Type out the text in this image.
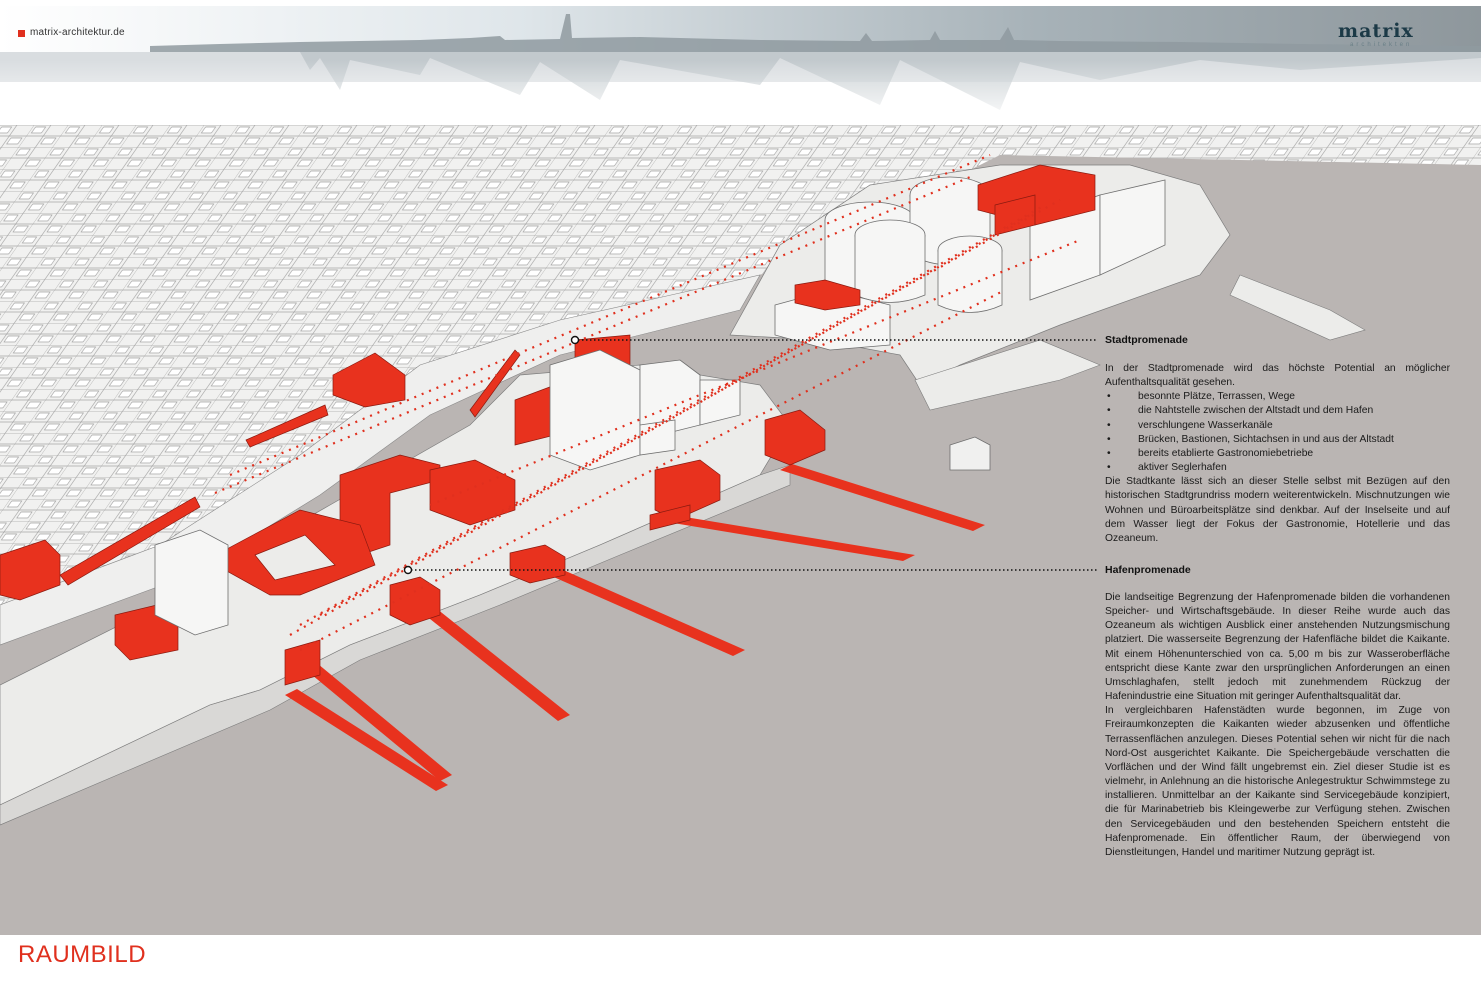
matrix-architektur.de	matrix
architekten
Stadtpromenade
In der Stadtpromenade wird das höchste Potential an möglicher Aufenthaltsqualität gesehen.
• besonnte Plätze, Terrassen, Wege
• die Nahtstelle zwischen der Altstadt und dem Hafen
• verschlungene Wasserkanäle
• Brücken, Bastionen, Sichtachsen in und aus der Altstadt
• bereits etablierte Gastronomiebetriebe
• aktiver Seglerhafen
Die Stadtkante lässt sich an dieser Stelle selbst mit Bezügen auf den historischen Stadtgrundriss modern weiterentwickeln. Mischnutzungen wie Wohnen und Büroarbeitsplätze sind denkbar. Auf der Inselseite und auf dem Wasser liegt der Fokus der Gastronomie, Hotellerie und das Ozeaneum.
Hafenpromenade
Die landseitige Begrenzung der Hafenpromenade bilden die vorhandenen Speicher- und Wirtschaftsgebäude. In dieser Reihe wurde auch das Ozeaneum als wichtigen Ausblick einer anstehenden Nutzungsmischung platziert. Die wasserseite Begrenzung der Hafenfläche bildet die Kaikante. Mit einem Höhenunterschied von ca. 5,00 m bis zur Wasseroberfläche entspricht diese Kante zwar den ursprünglichen Anforderungen an einen Umschlaghafen, stellt jedoch mit zunehmendem Rückzug der Hafenindustrie eine Situation mit geringer Aufenthaltsqualität dar.
In vergleichbaren Hafenstädten wurde begonnen, im Zuge von Freiraumkonzepten die Kaikanten wieder abzusenken und öffentliche Terrassenflächen anzulegen. Dieses Potential sehen wir nicht für die nach Nord-Ost ausgerichtet Kaikante. Die Speichergebäude verschatten die Vorflächen und der Wind fällt ungebremst ein. Ziel dieser Studie ist es vielmehr, in Anlehnung an die historische Anlegestruktur Schwimmstege zu installieren. Unmittelbar an der Kaikante sind Servicegebäude konzipiert, die für Marinabetrieb bis Kleingewerbe zur Verfügung stehen. Zwischen den Servicegebäuden und den bestehenden Speichern entsteht die Hafenpromenade. Ein öffentlicher Raum, der überwiegend von Dienstleitungen, Handel und maritimer Nutzung geprägt ist.
RAUMBILD
